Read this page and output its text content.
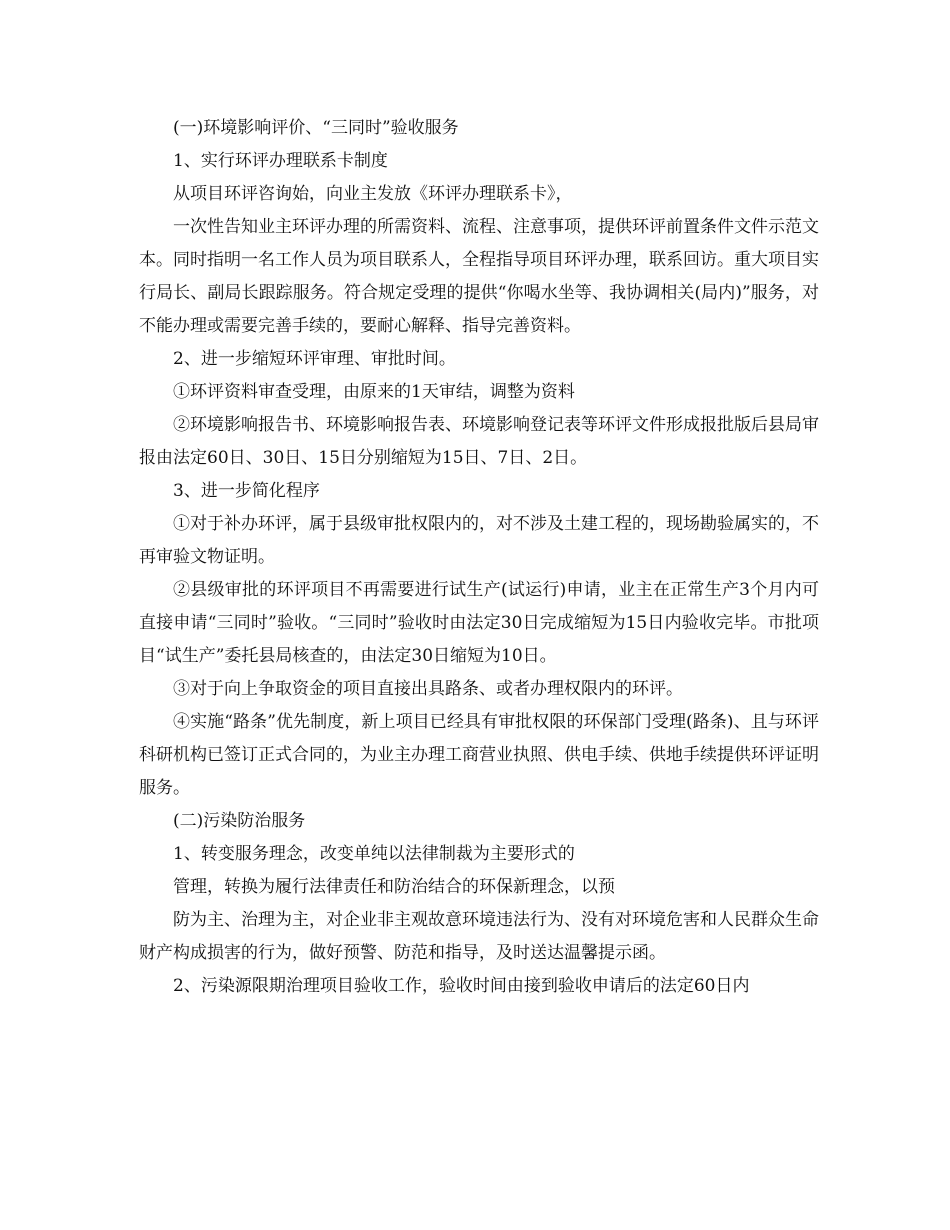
(一)环境影响评价、“三同时”验收服务

1、实行环评办理联系卡制度

从项目环评咨询始，向业主发放《环评办理联系卡》，

一次性告知业主环评办理的所需资料、流程、注意事项，提供环评前置条件文件示范文本。同时指明一名工作人员为项目联系人，全程指导项目环评办理，联系回访。重大项目实行局长、副局长跟踪服务。符合规定受理的提供“你喝水坐等、我协调相关(局内)”服务，对不能办理或需要完善手续的，要耐心解释、指导完善资料。

2、进一步缩短环评审理、审批时间。

①环评资料审查受理，由原来的1天审结，调整为资料

②环境影响报告书、环境影响报告表、环境影响登记表等环评文件形成报批版后县局审报由法定60日、30日、15日分别缩短为15日、7日、2日。

3、进一步简化程序

①对于补办环评，属于县级审批权限内的，对不涉及土建工程的，现场勘验属实的，不再审验文物证明。

②县级审批的环评项目不再需要进行试生产(试运行)申请，业主在正常生产3个月内可直接申请“三同时”验收。“三同时”验收时由法定30日完成缩短为15日内验收完毕。市批项目“试生产”委托县局核查的，由法定30日缩短为10日。

③对于向上争取资金的项目直接出具路条、或者办理权限内的环评。

④实施“路条”优先制度，新上项目已经具有审批权限的环保部门受理(路条)、且与环评科研机构已签订正式合同的，为业主办理工商营业执照、供电手续、供地手续提供环评证明服务。

(二)污染防治服务

1、转变服务理念，改变单纯以法律制裁为主要形式的

管理，转换为履行法律责任和防治结合的环保新理念，以预

防为主、治理为主，对企业非主观故意环境违法行为、没有对环境危害和人民群众生命财产构成损害的行为，做好预警、防范和指导，及时送达温馨提示函。

2、污染源限期治理项目验收工作，验收时间由接到验收申请后的法定60日内
